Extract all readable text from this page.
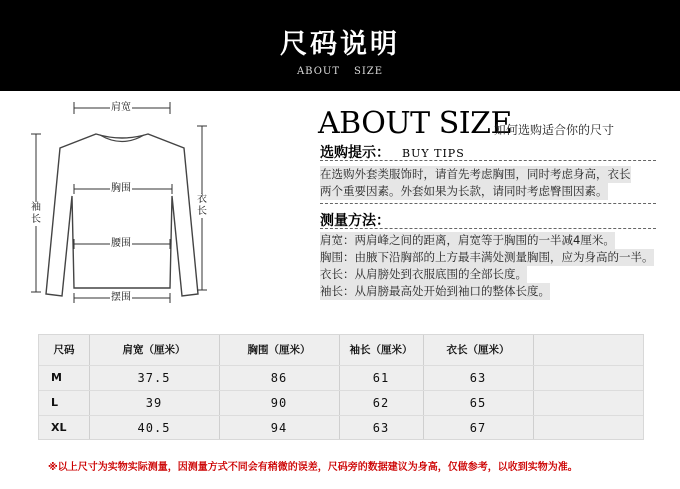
尺码说明
ABOUT SIZE
肩宽
胸围
腰围
摆围
袖长
衣长
ABOUT SIZE
如何选购适合你的尺寸
选购提示： BUY TIPS
在选购外套类服饰时，请首先考虑胸围，同时考虑身高，衣长
两个重要因素。外套如果为长款，请同时考虑臀围因素。
测量方法：
肩宽：两肩峰之间的距离，肩宽等于胸围的一半减4厘米。
胸围：由腋下沿胸部的上方最丰满处测量胸围，应为身高的一半。
衣长：从肩膀处到衣服底围的全部长度。
袖长：从肩膀最高处开始到袖口的整体长度。
尺码	肩宽（厘米）	胸围（厘米）	袖长（厘米）	衣长（厘米）
M	37.5	86	61	63
L	39	90	62	65
XL	40.5	94	63	67
※以上尺寸为实物实际测量，因测量方式不同会有稍微的误差，尺码旁的数据建议为身高，仅做参考，以收到实物为准。
